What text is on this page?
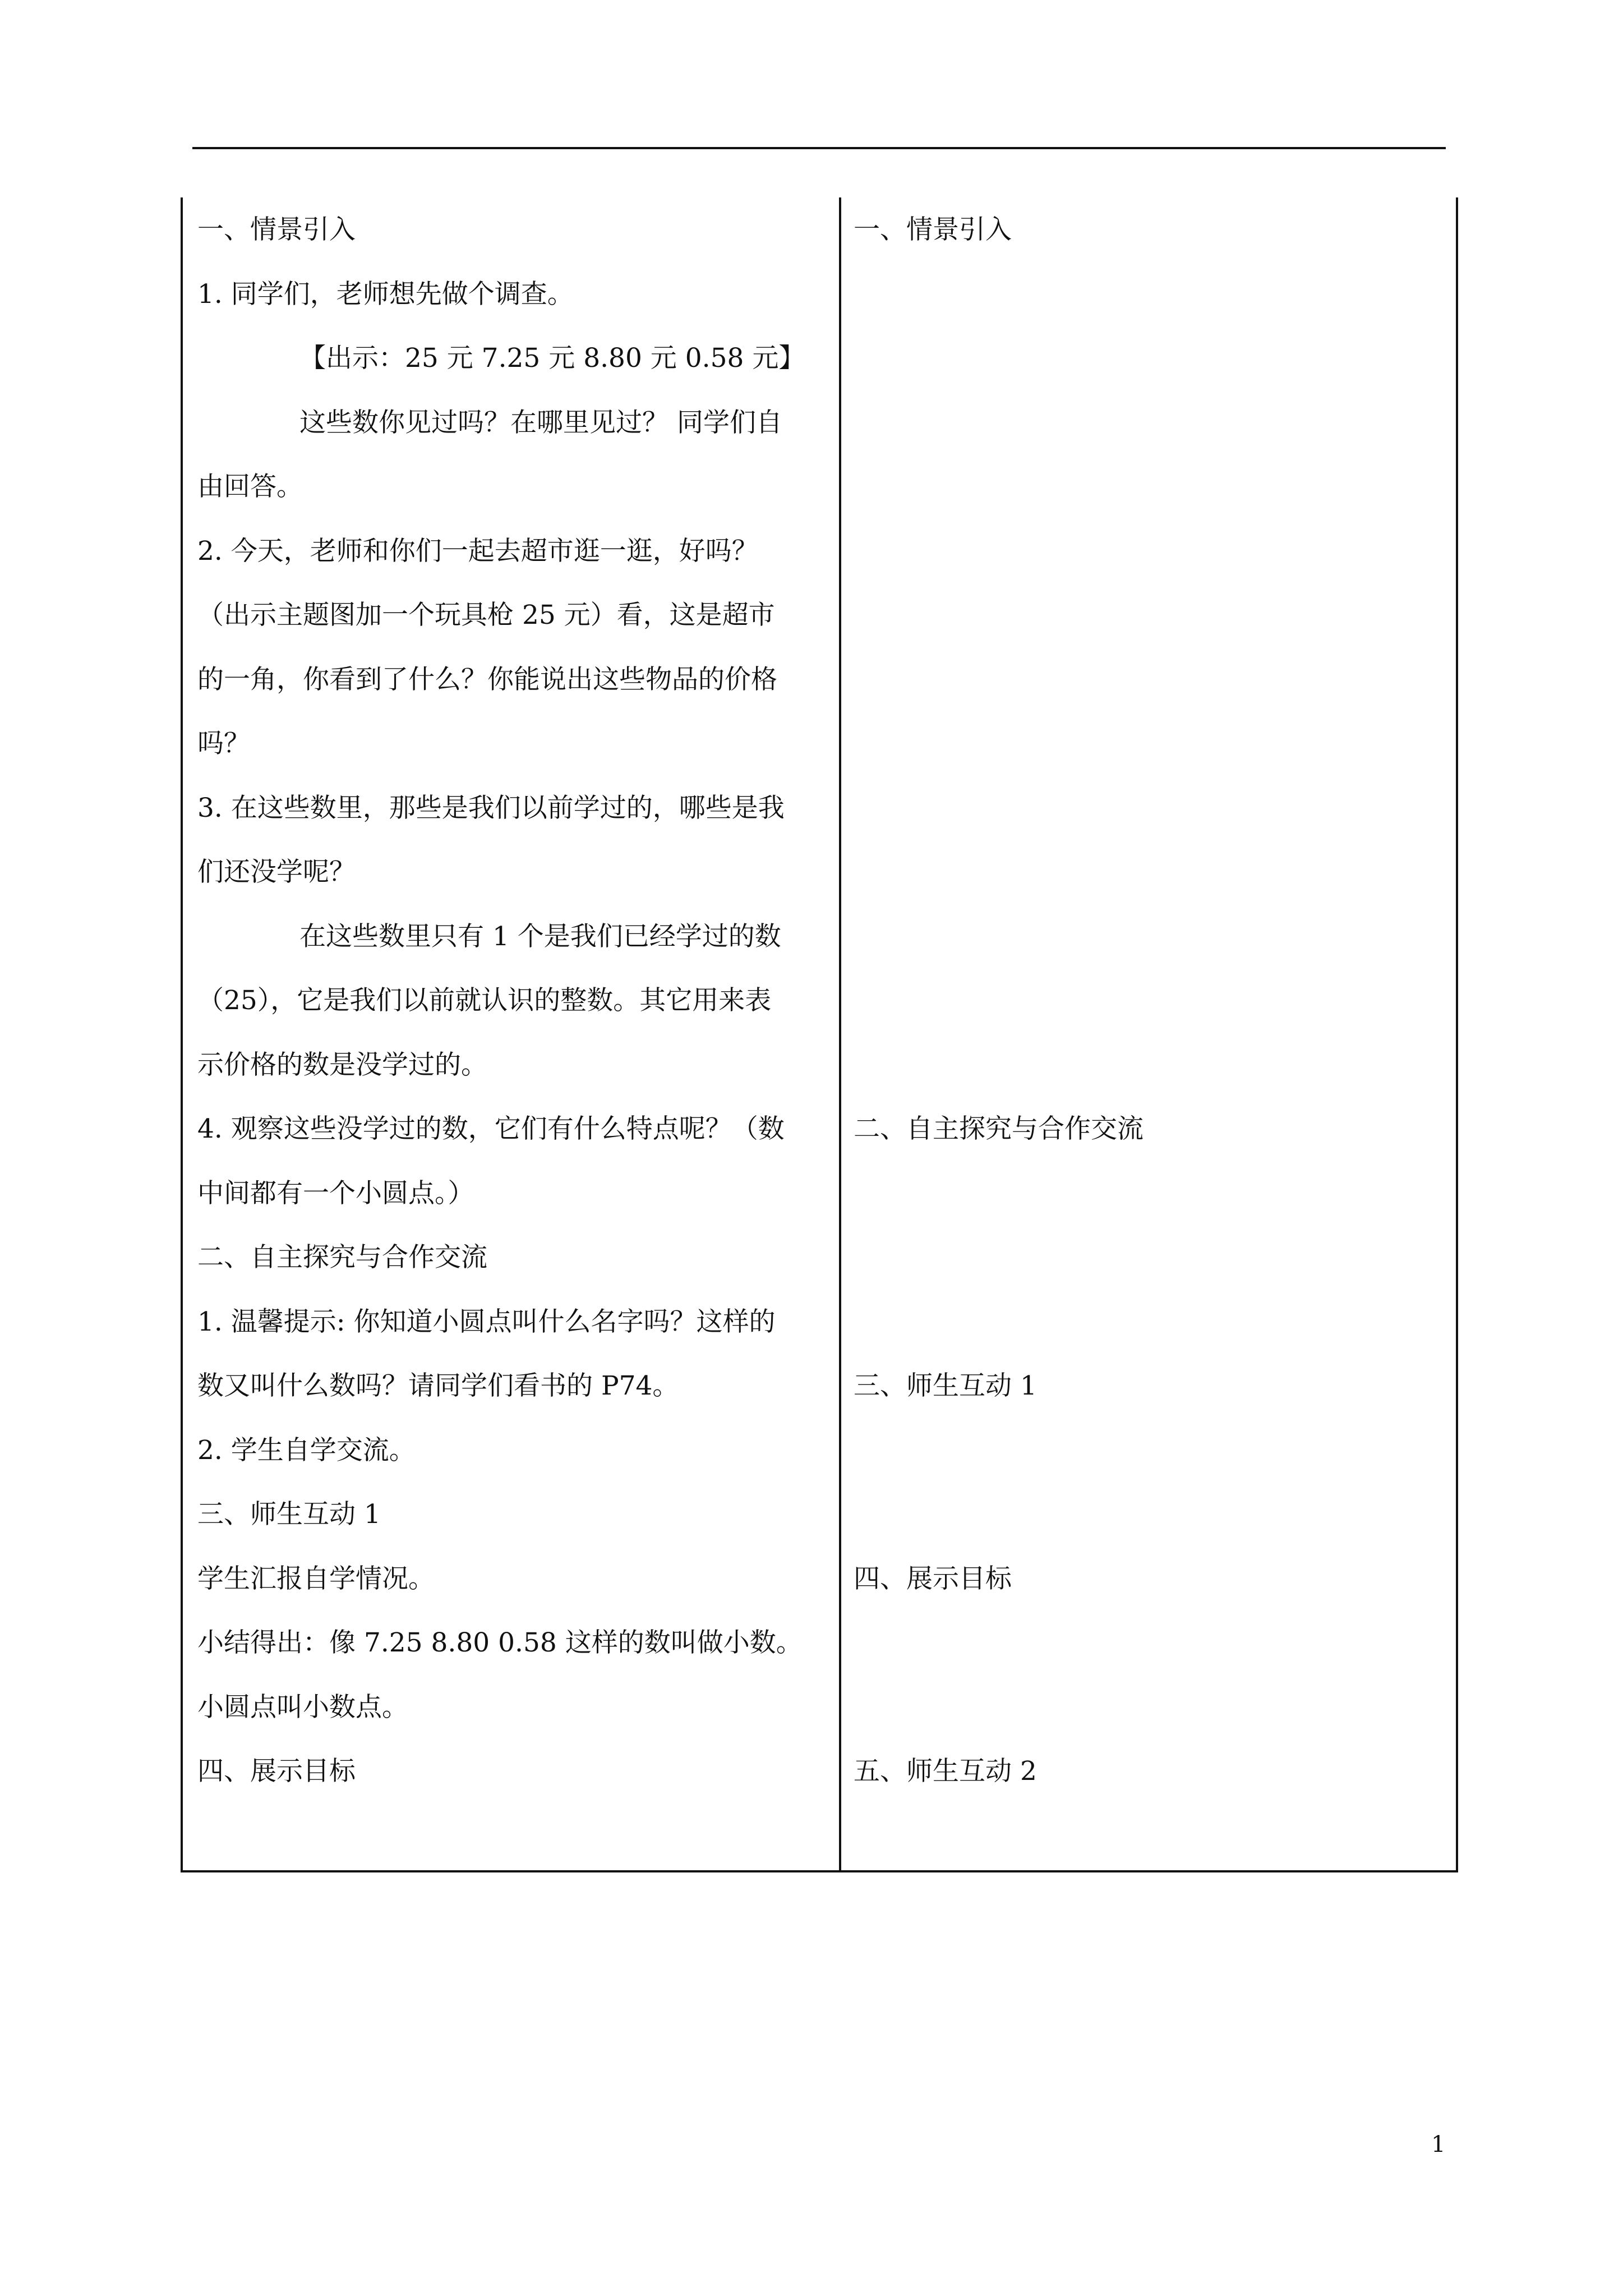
一、情景引入
1. 同学们，老师想先做个调查。
【出示：25 元 7.25 元 8.80 元 0.58 元】
这些数你见过吗？在哪里见过？ 同学们自
由回答。
2. 今天，老师和你们一起去超市逛一逛，好吗？
（出示主题图加一个玩具枪 25 元）看，这是超市
的一角，你看到了什么？你能说出这些物品的价格
吗？
3. 在这些数里，那些是我们以前学过的，哪些是我
们还没学呢？
在这些数里只有 1 个是我们已经学过的数
（25），它是我们以前就认识的整数。其它用来表
示价格的数是没学过的。
4. 观察这些没学过的数，它们有什么特点呢？（数
中间都有一个小圆点。）
二、自主探究与合作交流
1. 温馨提示: 你知道小圆点叫什么名字吗？这样的
数又叫什么数吗？请同学们看书的 P74。
2. 学生自学交流。
三、师生互动 1
学生汇报自学情况。
小结得出：像 7.25 8.80 0.58 这样的数叫做小数。
小圆点叫小数点。
四、展示目标
一、情景引入
二、自主探究与合作交流
三、师生互动 1
四、展示目标
五、师生互动 2
1
